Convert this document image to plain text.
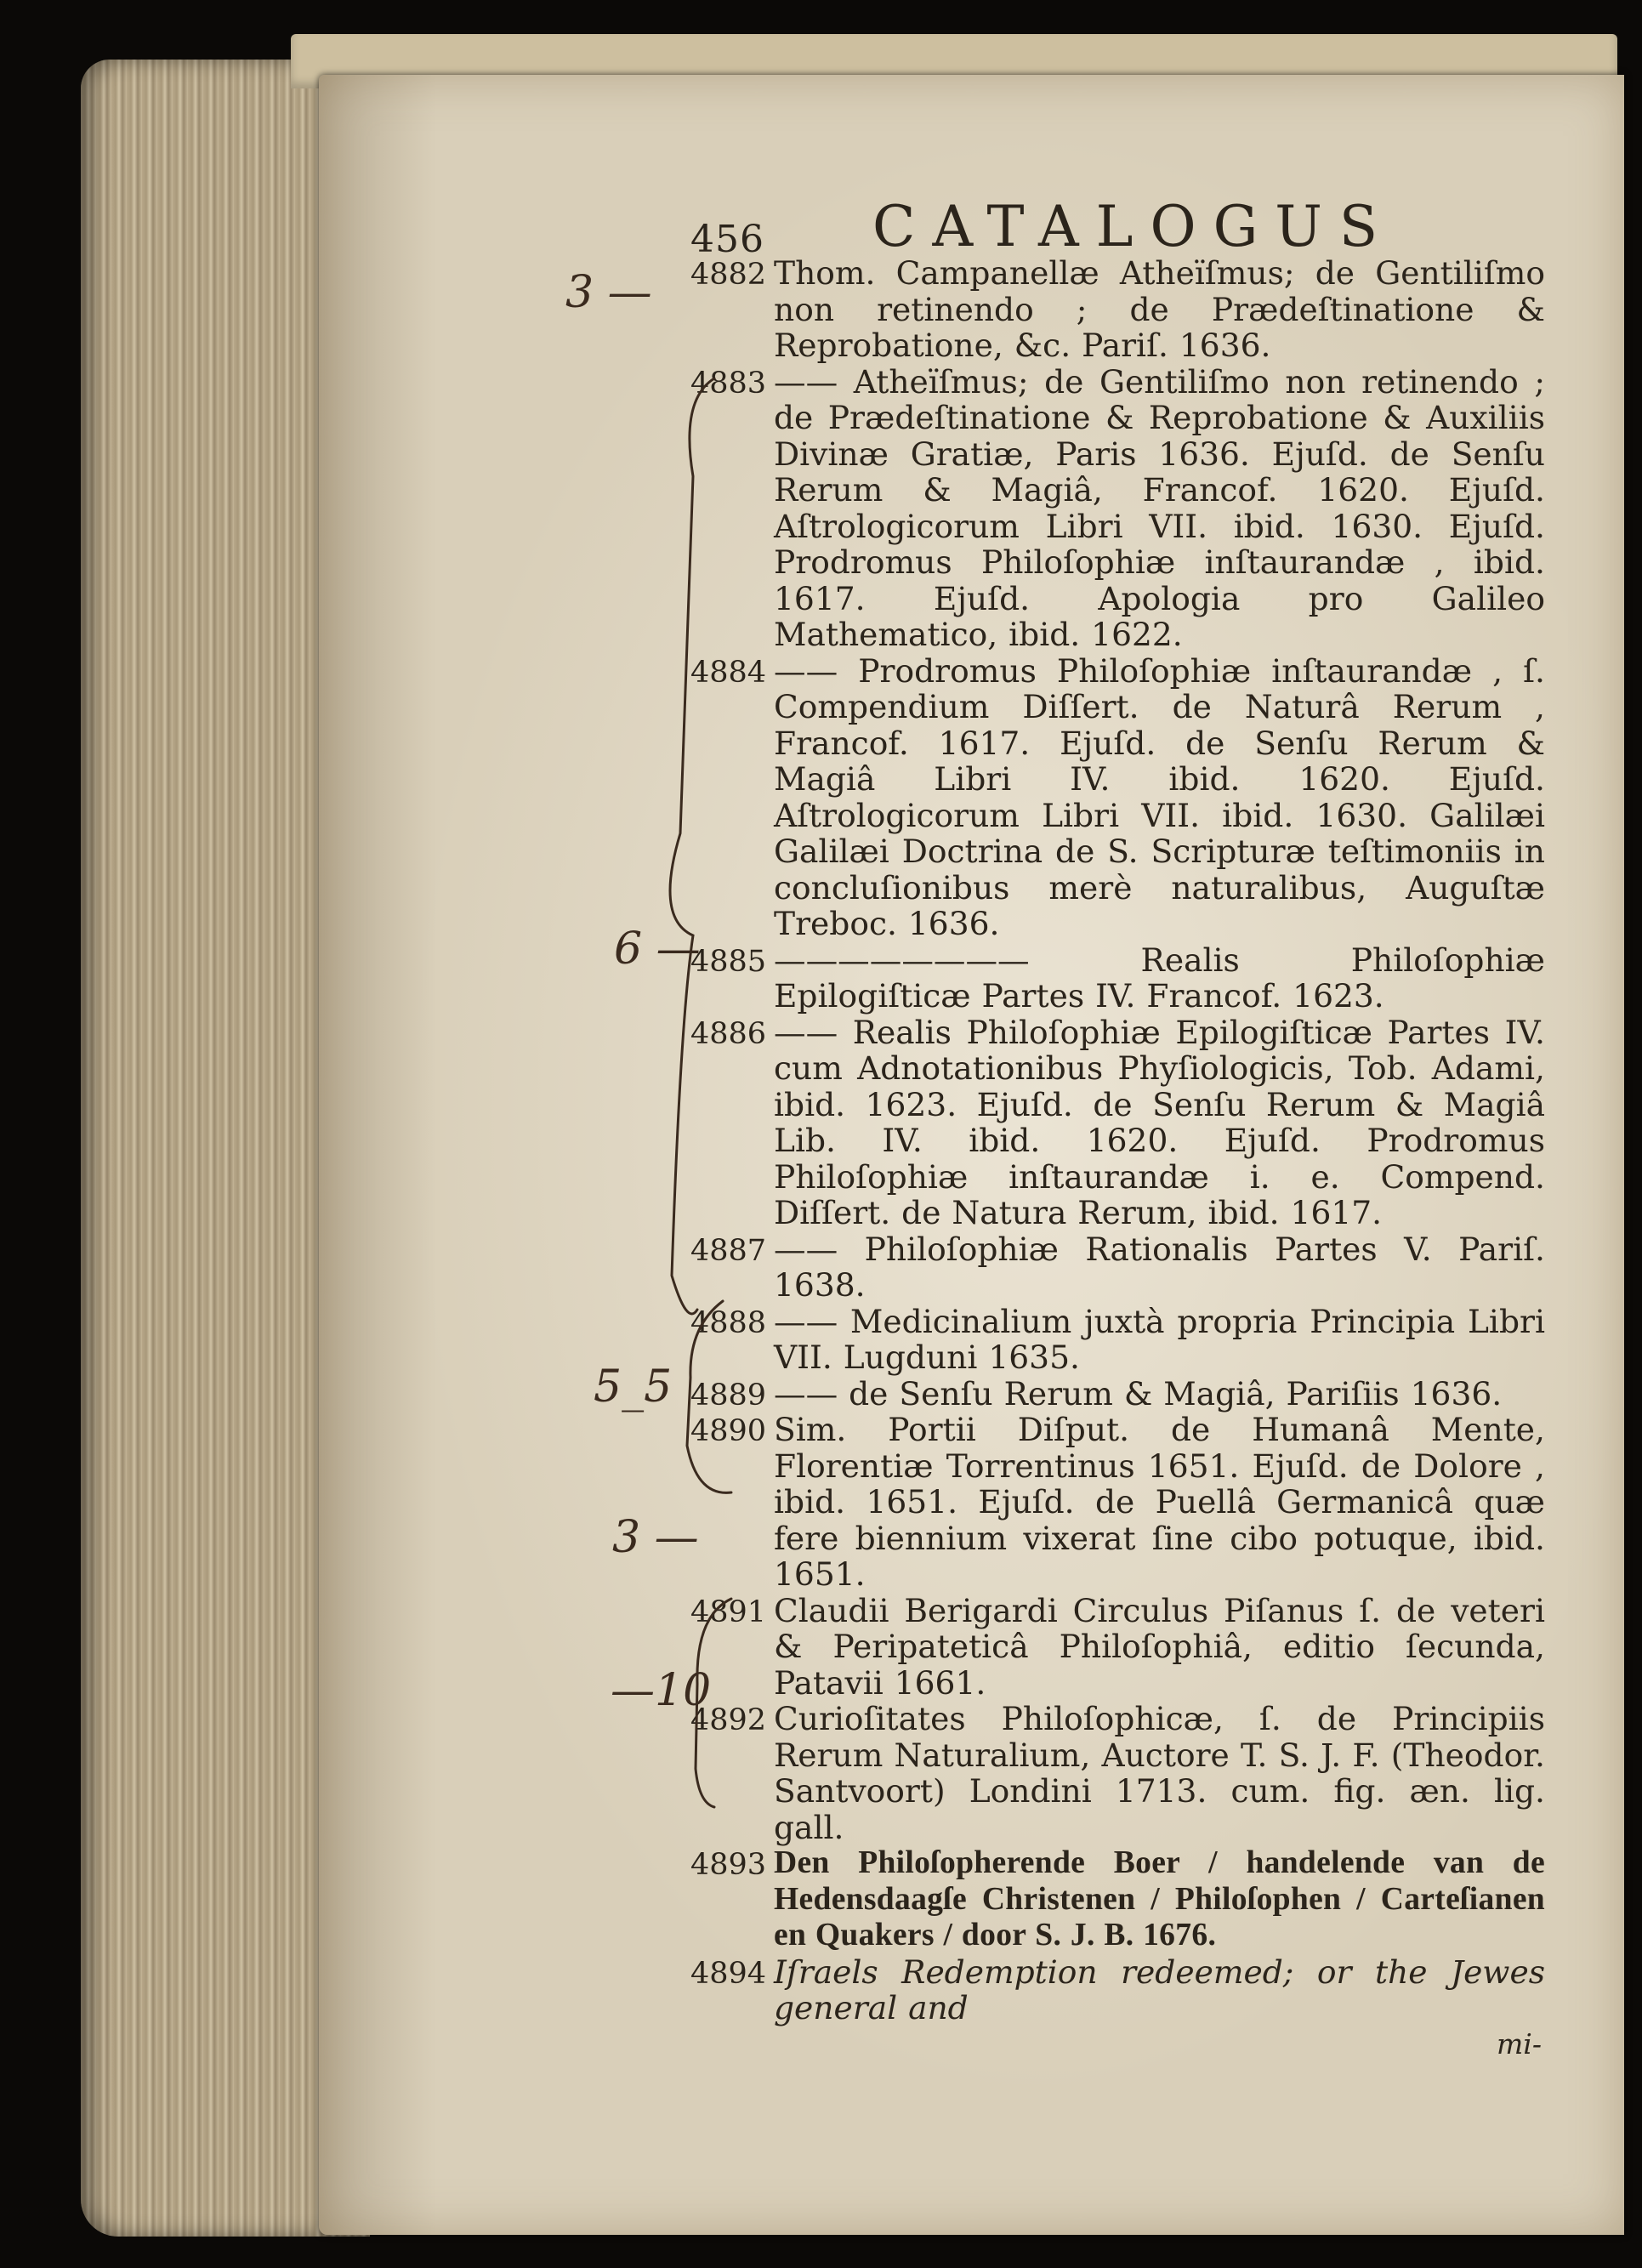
456 CATALOGUS
4882 Thom. Campanellæ Atheïſmus; de Gentiliſmo non retinendo ; de Prædeſtinatione & Reprobatione, &c. Pariſ. 1636.
4883 —— Atheïſmus; de Gentiliſmo non retinendo ; de Prædeſtinatione & Reprobatione & Auxiliis Divinæ Gratiæ, Paris 1636. Ejuſd. de Senſu Rerum & Magiâ, Francof. 1620. Ejuſd. Aſtrologicorum Libri VII. ibid. 1630. Ejuſd. Prodromus Philoſophiæ inſtaurandæ , ibid. 1617. Ejuſd. Apologia pro Galileo Mathematico, ibid. 1622.
4884 —— Prodromus Philoſophiæ inſtaurandæ , ſ. Compendium Diſſert. de Naturâ Rerum , Francof. 1617. Ejuſd. de Senſu Rerum & Magiâ Libri IV. ibid. 1620. Ejuſd. Aſtrologicorum Libri VII. ibid. 1630. Galilæi Galilæi Doctrina de S. Scripturæ teſtimoniis in concluſionibus merè naturalibus, Auguſtæ Treboc. 1636.
4885 ———————— Realis Philoſophiæ Epilogiſticæ Partes IV. Francof. 1623.
4886 —— Realis Philoſophiæ Epilogiſticæ Partes IV. cum Adnotationibus Phyſiologicis, Tob. Adami, ibid. 1623. Ejuſd. de Senſu Rerum & Magiâ Lib. IV. ibid. 1620. Ejuſd. Prodromus Philoſophiæ inſtaurandæ i. e. Compend. Diſſert. de Natura Rerum, ibid. 1617.
4887 —— Philoſophiæ Rationalis Partes V. Pariſ. 1638.
4888 —— Medicinalium juxtà propria Principia Libri VII. Lugduni 1635.
4889 —— de Senſu Rerum & Magiâ, Pariſiis 1636.
4890 Sim. Portii Diſput. de Humanâ Mente, Florentiæ Torrentinus 1651. Ejuſd. de Dolore , ibid. 1651. Ejuſd. de Puellâ Germanicâ quæ fere biennium vixerat ſine cibo potuque, ibid. 1651.
4891 Claudii Berigardi Circulus Piſanus ſ. de veteri & Peripateticâ Philoſophiâ, editio ſecunda, Patavii 1661.
4892 Curioſitates Philoſophicæ, ſ. de Principiis Rerum Naturalium, Auctore T. S. J. F. (Theodor. Santvoort) Londini 1713. cum. fig. æn. lig. gall.
4893 Den Philoſopherende Boer / handelende van de Hedensdaagſe Christenen / Philoſophen / Carteſianen en Quakers / door S. J. B. 1676.
4894 Iſraels Redemption redeemed; or the Jewes general and
mi-
3 —
6 —
5_5
3 —
—10
